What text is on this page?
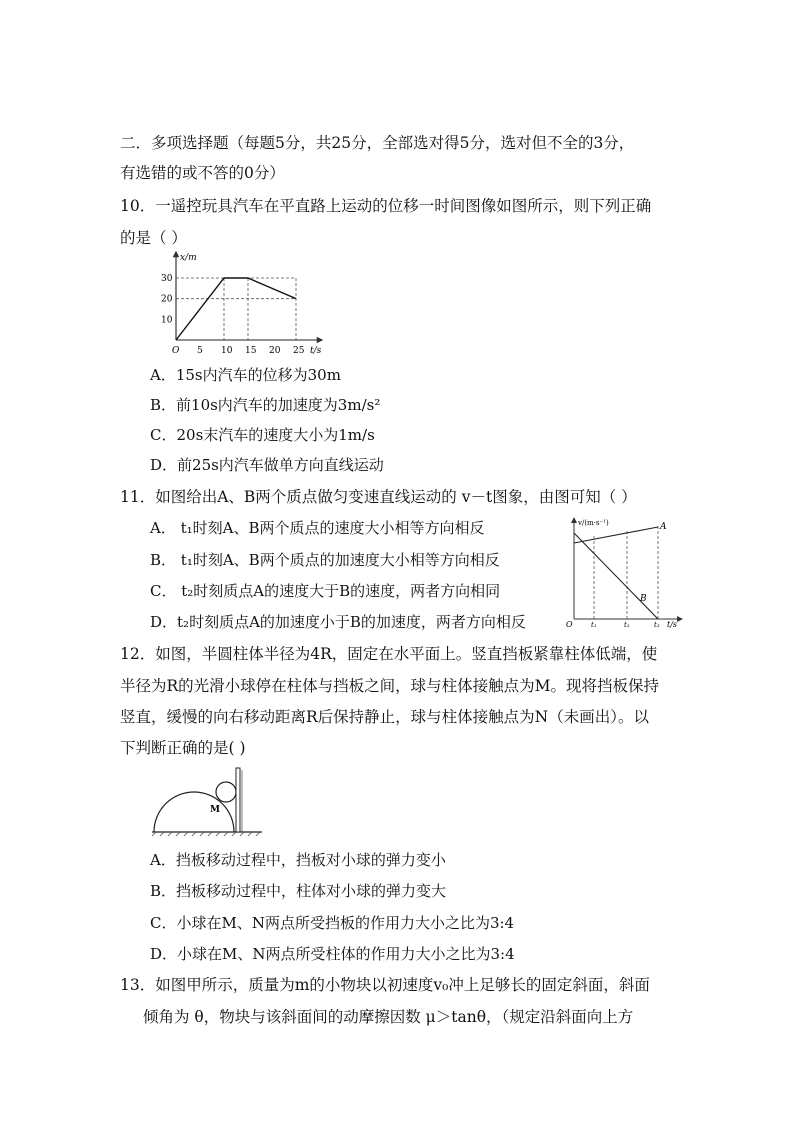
二．多项选择题（每题5分，共25分，全部选对得5分，选对但不全的3分，
有选错的或不答的0分）
10．一遥控玩具汽车在平直路上运动的位移一时间图像如图所示，则下列正确
的是（ ）
x/m
t/s
O 5 10 15 20 25
10
20
30
A．15s内汽车的位移为30m
B．前10s内汽车的加速度为3m/s²
C．20s末汽车的速度大小为1m/s
D．前25s内汽车做单方向直线运动
11．如图给出A、B两个质点做匀变速直线运动的 v－t图象，由图可知（ ）
A． t₁时刻A、B两个质点的速度大小相等方向相反
B． t₁时刻A、B两个质点的加速度大小相等方向相反
C． t₂时刻质点A的速度大于B的速度，两者方向相同
D．t₂时刻质点A的加速度小于B的加速度，两者方向相反
v/(m·s⁻¹)	A
B
O	t₁	t₂	t₃ t/s
12．如图，半圆柱体半径为4R，固定在水平面上。竖直挡板紧靠柱体低端，使
半径为R的光滑小球停在柱体与挡板之间，球与柱体接触点为M。现将挡板保持
竖直，缓慢的向右移动距离R后保持静止，球与柱体接触点为N（未画出）。以
下判断正确的是( )
M
A．挡板移动过程中，挡板对小球的弹力变小
B．挡板移动过程中，柱体对小球的弹力变大
C．小球在M、N两点所受挡板的作用力大小之比为3:4
D．小球在M、N两点所受柱体的作用力大小之比为3:4
13．如图甲所示，质量为m的小物块以初速度v₀冲上足够长的固定斜面，斜面
倾角为 θ，物块与该斜面间的动摩擦因数 μ＞tanθ，（规定沿斜面向上方
